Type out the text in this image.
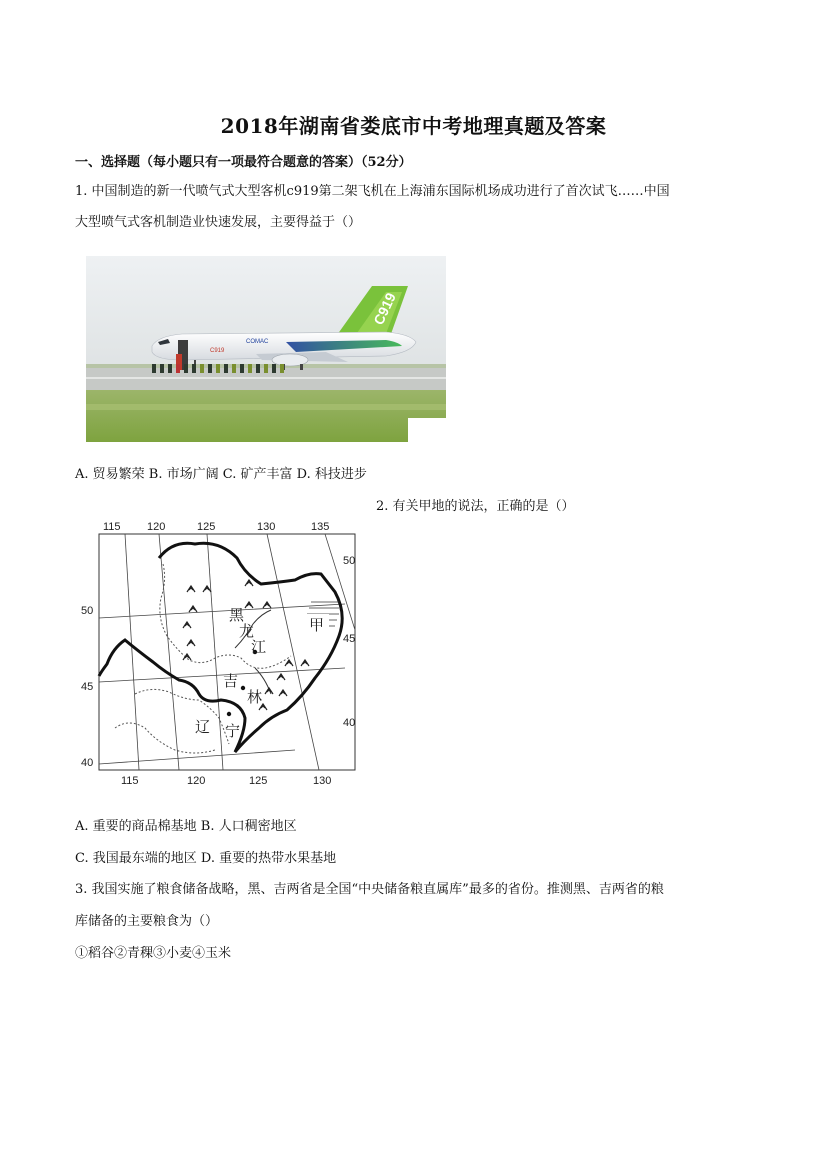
2018年湖南省娄底市中考地理真题及答案
一、选择题（每小题只有一项最符合题意的答案）（52分）
1. 中国制造的新一代喷气式大型客机c919第二架飞机在上海浦东国际机场成功进行了首次试飞……中国
大型喷气式客机制造业快速发展，主要得益于（）
C919
COMAC
C919
A. 贸易繁荣 B. 市场广阔 C. 矿产丰富 D. 科技进步
2. 有关甲地的说法，正确的是（）
黑
龙
江
吉
林
辽 宁
甲
115 120	125	130	135
115	120	125	130
50
45
40
50
45
40
A. 重要的商品棉基地 B. 人口稠密地区
C. 我国最东端的地区 D. 重要的热带水果基地
3. 我国实施了粮食储备战略，黑、吉两省是全国“中央储备粮直属库”最多的省份。推测黑、吉两省的粮
库储备的主要粮食为（）
①稻谷②青稞③小麦④玉米
